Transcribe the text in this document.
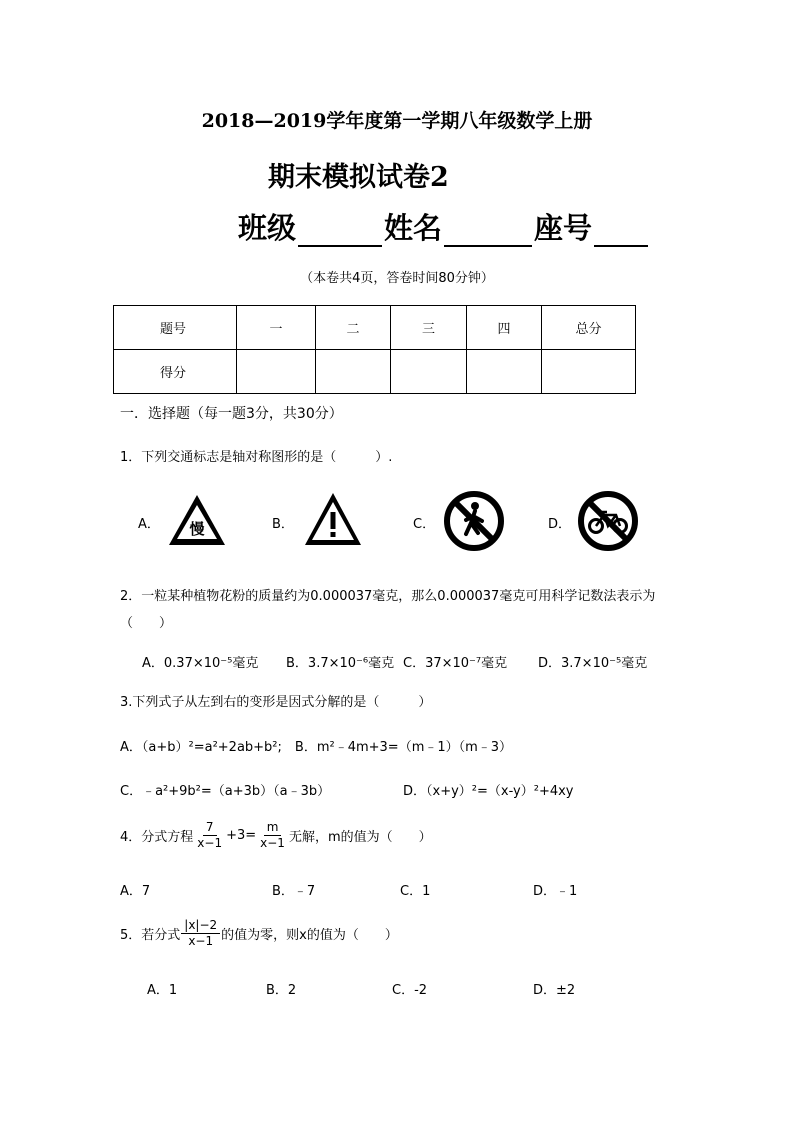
2018—2019学年度第一学期八年级数学上册
期末模拟试卷2
班级	姓名	座号
（本卷共4页，答卷时间80分钟）
题号	一	二	三	四	总分
得分					
一．选择题（每一题3分，共30分）
1．下列交通标志是轴对称图形的是（　　　）.
A． 慢	B．	C．	D．
2．一粒某种植物花粉的质量约为0.000037毫克，那么0.000037毫克可用科学记数法表示为
（　　）
A．0.37×10⁻⁵毫克 B．3.7×10⁻⁶毫克 C．37×10⁻⁷毫克 D．3.7×10⁻⁵毫克
3.下列式子从左到右的变形是因式分解的是（　　　）
A．（a+b）²=a²+2ab+b²;　B．m²﹣4m+3=（m﹣1）（m﹣3）
C．﹣a²+9b²=（a+3b）（a﹣3b）	D．（x+y）²=（x-y）²+4xy
4．分式方程 $\frac{7}{x-1} +3= \frac{m}{x-1}$ 无解，m的值为（　　）
A．7	B．﹣7	C．1	D．﹣1
5．若分式 $\frac{|x|-2}{x-1}$ 的值为零，则x的值为（　　）
A．1	B．2	C．-2	D．±2
